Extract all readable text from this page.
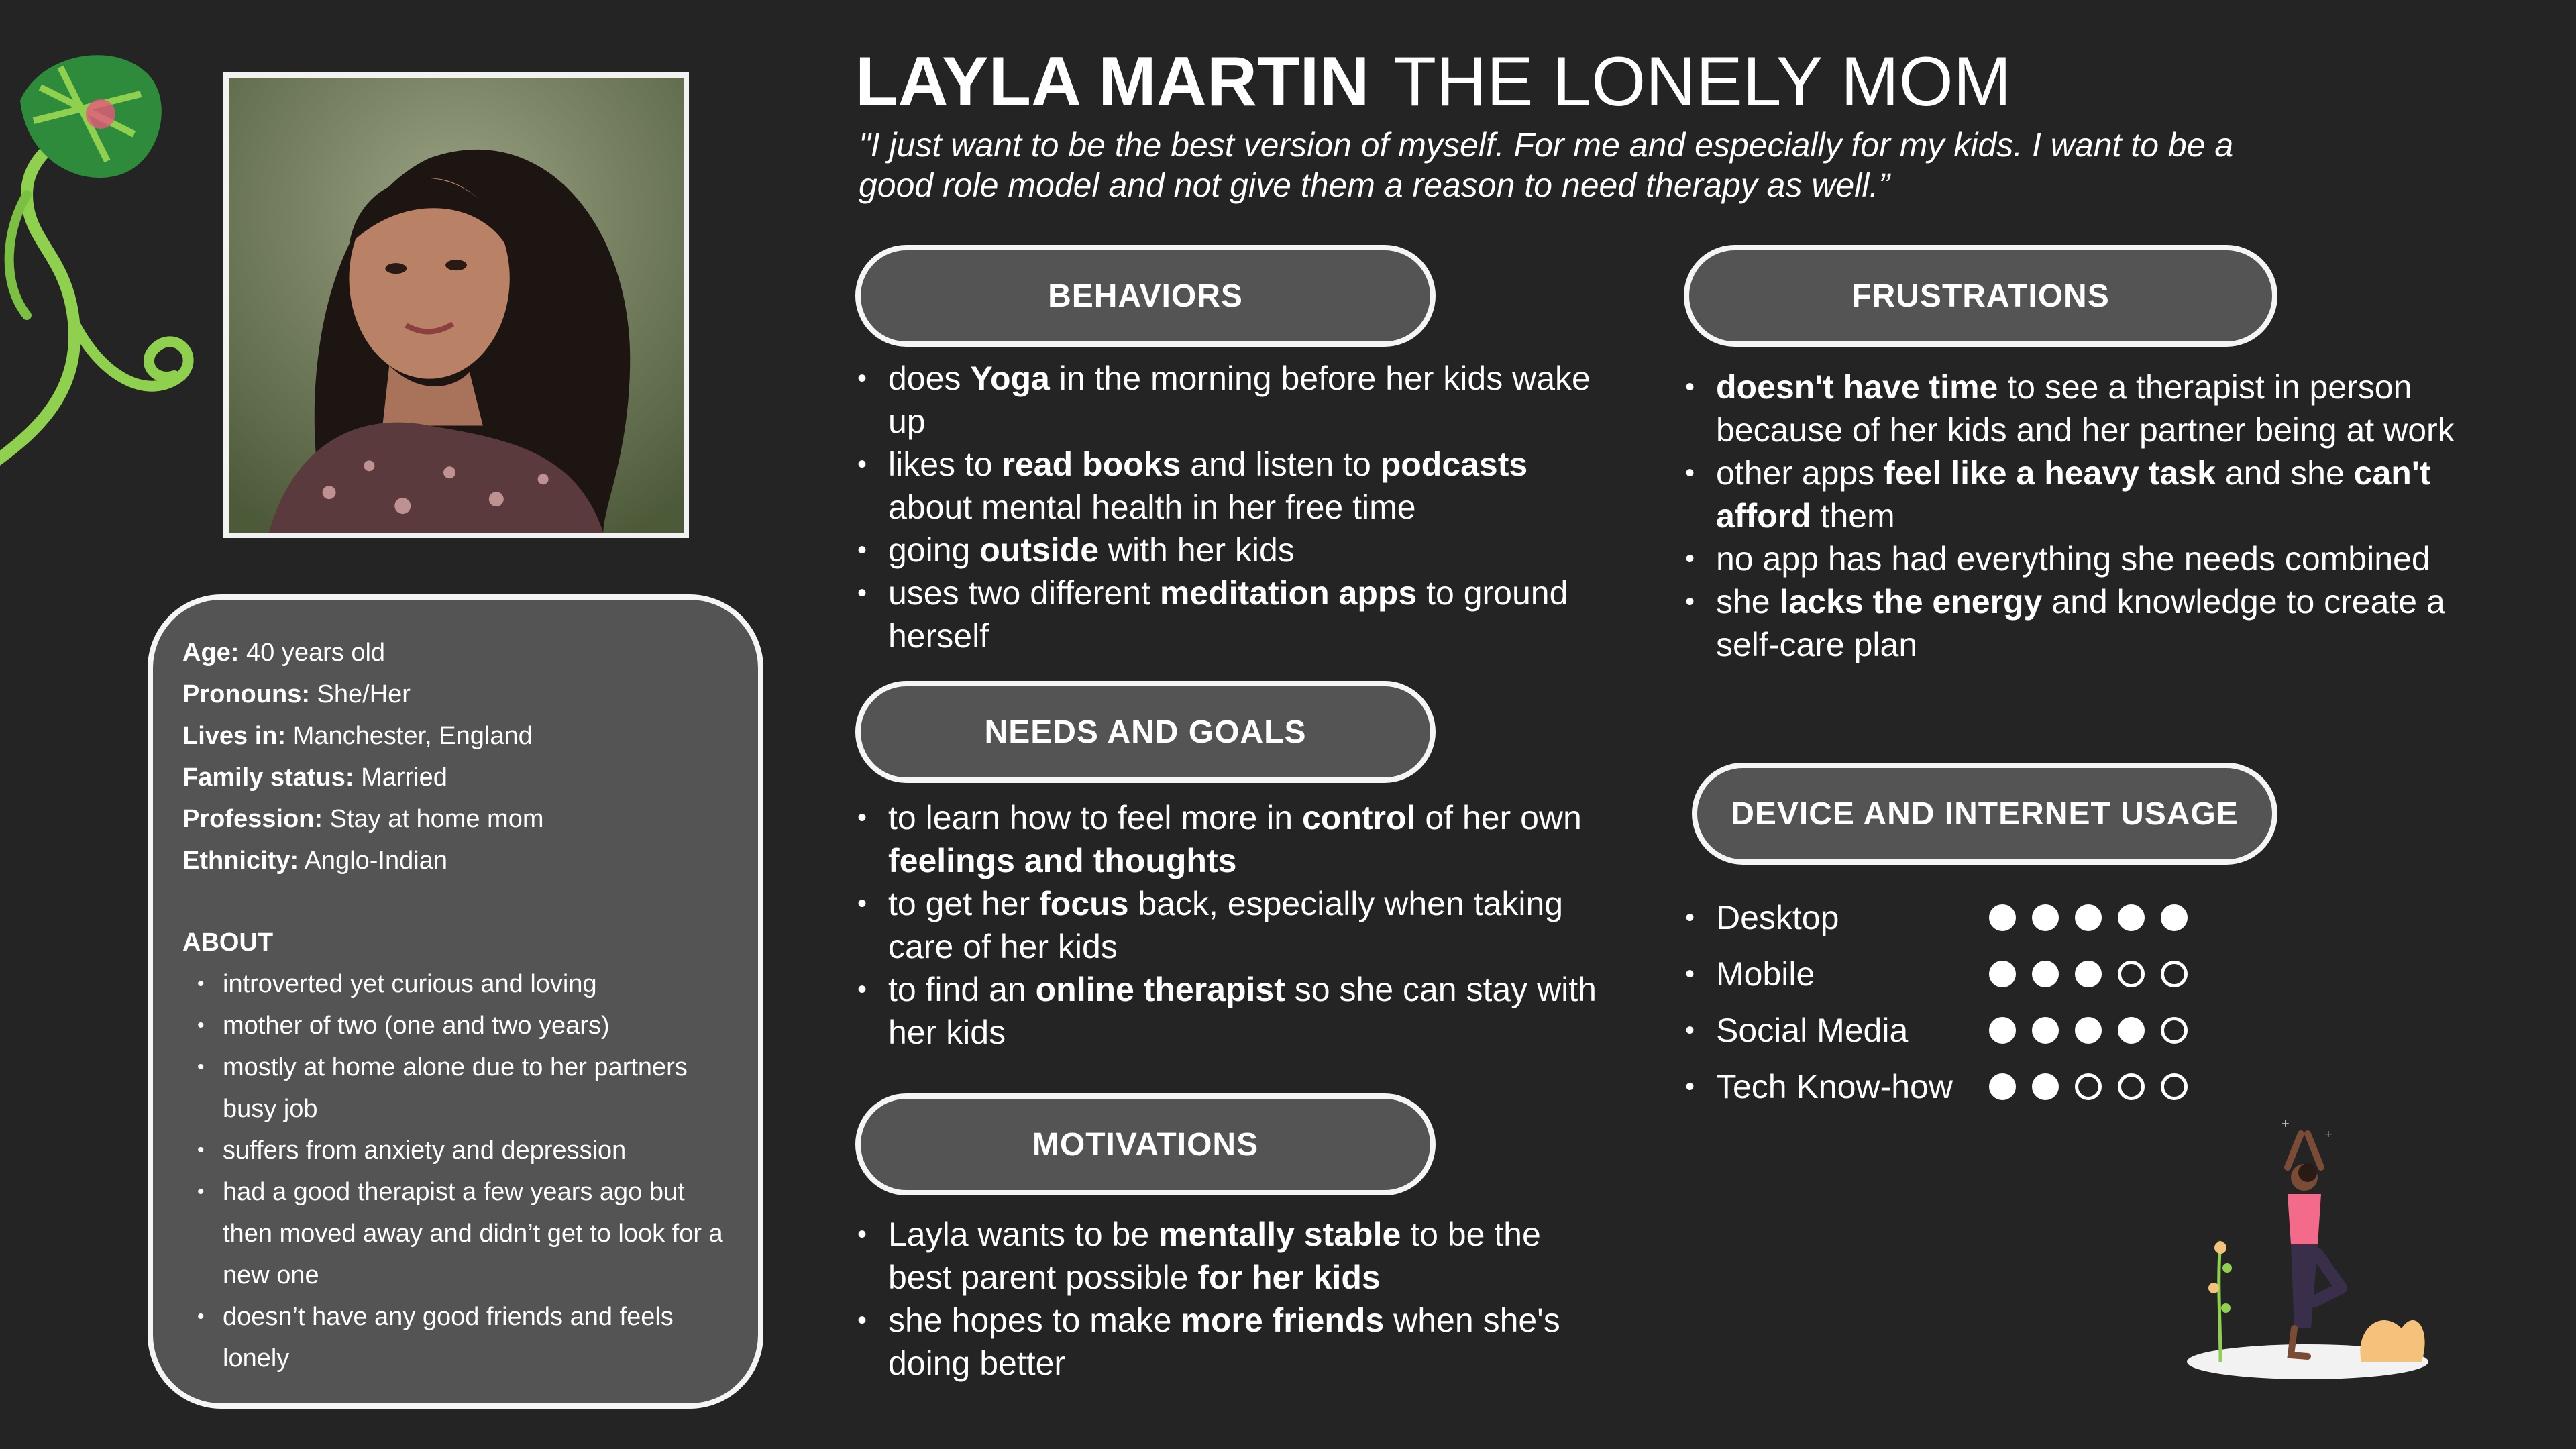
Age: 40 years old
Pronouns: She/Her
Lives in: Manchester, England
Family status: Married
Profession: Stay at home mom
Ethnicity: Anglo-Indian
ABOUT
• introverted yet curious and loving
• mother of two (one and two years)
• mostly at home alone due to her partners busy job
• suffers from anxiety and depression
• had a good therapist a few years ago but then moved away and didn’t get to look for a new one
• doesn’t have any good friends and feels lonely
LAYLA MARTIN THE LONELY MOM
"I just want to be the best version of myself. For me and especially for my kids. I want to be a good role model and not give them a reason to need therapy as well.”
BEHAVIORS
NEEDS AND GOALS
MOTIVATIONS
FRUSTRATIONS
DEVICE AND INTERNET USAGE
• does Yoga in the morning before her kids wake up
• likes to read books and listen to podcasts about mental health in her free time
• going outside with her kids
• uses two different meditation apps to ground herself
• to learn how to feel more in control of her own feelings and thoughts
• to get her focus back, especially when taking care of her kids
• to find an online therapist so she can stay with her kids
• Layla wants to be mentally stable to be the best parent possible for her kids
• she hopes to make more friends when she's doing better
• doesn't have time to see a therapist in person because of her kids and her partner being at work
• other apps feel like a heavy task and she can't afford them
• no app has had everything she needs combined
• she lacks the energy and knowledge to create a self-care plan
• Desktop
• Mobile
• Social Media
• Tech Know-how
+
+
